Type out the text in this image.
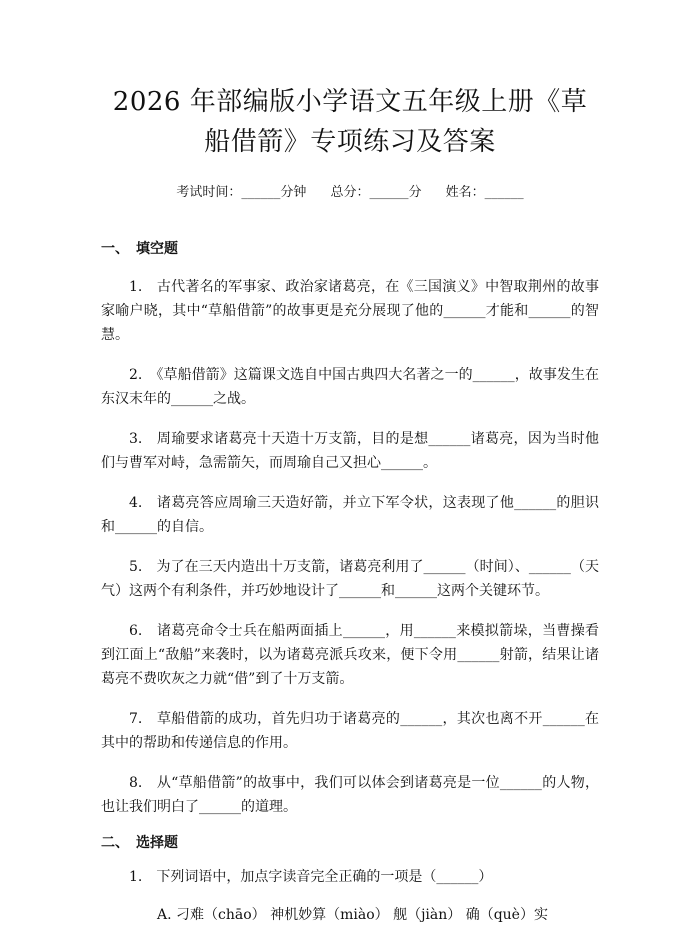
2026 年部编版小学语文五年级上册《草船借箭》专项练习及答案
考试时间：______分钟 总分：______分 姓名：______
一、 填空题

1.　古代著名的军事家、政治家诸葛亮，在《三国演义》中智取荆州的故事家喻户晓，其中“草船借箭”的故事更是充分展现了他的______才能和______的智慧。

2.　《草船借箭》这篇课文选自中国古典四大名著之一的______，故事发生在东汉末年的______之战。

3.　周瑜要求诸葛亮十天造十万支箭，目的是想______诸葛亮，因为当时他们与曹军对峙，急需箭矢，而周瑜自己又担心______。

4.　诸葛亮答应周瑜三天造好箭，并立下军令状，这表现了他______的胆识和______的自信。

5.　为了在三天内造出十万支箭，诸葛亮利用了______（时间）、______（天气）这两个有利条件，并巧妙地设计了______和______这两个关键环节。

6.　诸葛亮命令士兵在船两面插上______，用______来模拟箭垛，当曹操看到江面上“敌船”来袭时，以为诸葛亮派兵攻来，便下令用______射箭，结果让诸葛亮不费吹灰之力就“借”到了十万支箭。

7.　草船借箭的成功，首先归功于诸葛亮的______，其次也离不开______在其中的帮助和传递信息的作用。

8.　从“草船借箭”的故事中，我们可以体会到诸葛亮是一位______的人物，也让我们明白了______的道理。

二、 选择题

1.　下列词语中，加点字读音完全正确的一项是（______）

A. 刁难（chāo） 神机妙算（miào） 舰（jiàn） 确（què）实
